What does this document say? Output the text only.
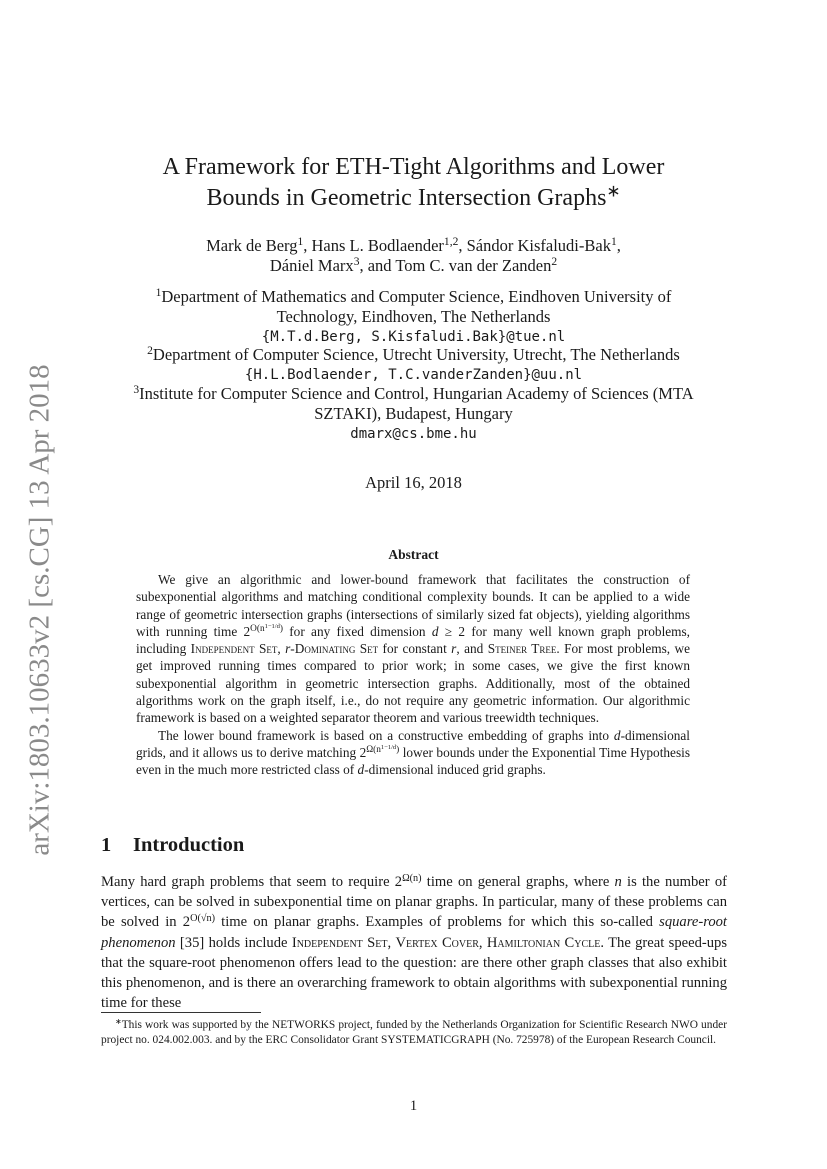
arXiv:1803.10633v2 [cs.CG] 13 Apr 2018
A Framework for ETH-Tight Algorithms and Lower
Bounds in Geometric Intersection Graphs∗
Mark de Berg$^1$, Hans L. Bodlaender$^{1,2}$, Sándor Kisfaludi-Bak$^1$,
Dániel Marx$^3$, and Tom C. van der Zanden$^2$
$^1$Department of Mathematics and Computer Science, Eindhoven University of
Technology, Eindhoven, The Netherlands
{M.T.d.Berg, S.Kisfaludi.Bak}@tue.nl
$^2$Department of Computer Science, Utrecht University, Utrecht, The Netherlands
{H.L.Bodlaender, T.C.vanderZanden}@uu.nl
$^3$Institute for Computer Science and Control, Hungarian Academy of Sciences (MTA
SZTAKI), Budapest, Hungary
dmarx@cs.bme.hu
April 16, 2018
Abstract

We give an algorithmic and lower-bound framework that facilitates the construction of subexponential algorithms and matching conditional complexity bounds. It can be applied to a wide range of geometric intersection graphs (intersections of similarly sized fat objects), yielding algorithms with running time $2^{O(n^{1-1/d})}$ for any fixed dimension d ≥ 2 for many well known graph problems, including Independent Set, r-Dominating Set for constant r, and Steiner Tree. For most problems, we get improved running times compared to prior work; in some cases, we give the first known subexponential algorithm in geometric intersection graphs. Additionally, most of the obtained algorithms work on the graph itself, i.e., do not require any geometric information. Our algorithmic framework is based on a weighted separator theorem and various treewidth techniques.

The lower bound framework is based on a constructive embedding of graphs into d-dimensional grids, and it allows us to derive matching $2^{\Omega(n^{1-1/d})}$ lower bounds under the Exponential Time Hypothesis even in the much more restricted class of d-dimensional induced grid graphs.

1 Introduction

Many hard graph problems that seem to require $2^{\Omega(n)}$ time on general graphs, where n is the number of vertices, can be solved in subexponential time on planar graphs. In particular, many of these problems can be solved in $2^{O(√n)}$ time on planar graphs. Examples of problems for which this so-called square-root phenomenon [35] holds include Independent Set, Vertex Cover, Hamiltonian Cycle. The great speed-ups that the square-root phenomenon offers lead to the question: are there other graph classes that also exhibit this phenomenon, and is there an overarching framework to obtain algorithms with subexponential running time for these

∗This work was supported by the NETWORKS project, funded by the Netherlands Organization for Scientific Research NWO under project no. 024.002.003. and by the ERC Consolidator Grant SYSTEMATICGRAPH (No. 725978) of the European Research Council.

1
